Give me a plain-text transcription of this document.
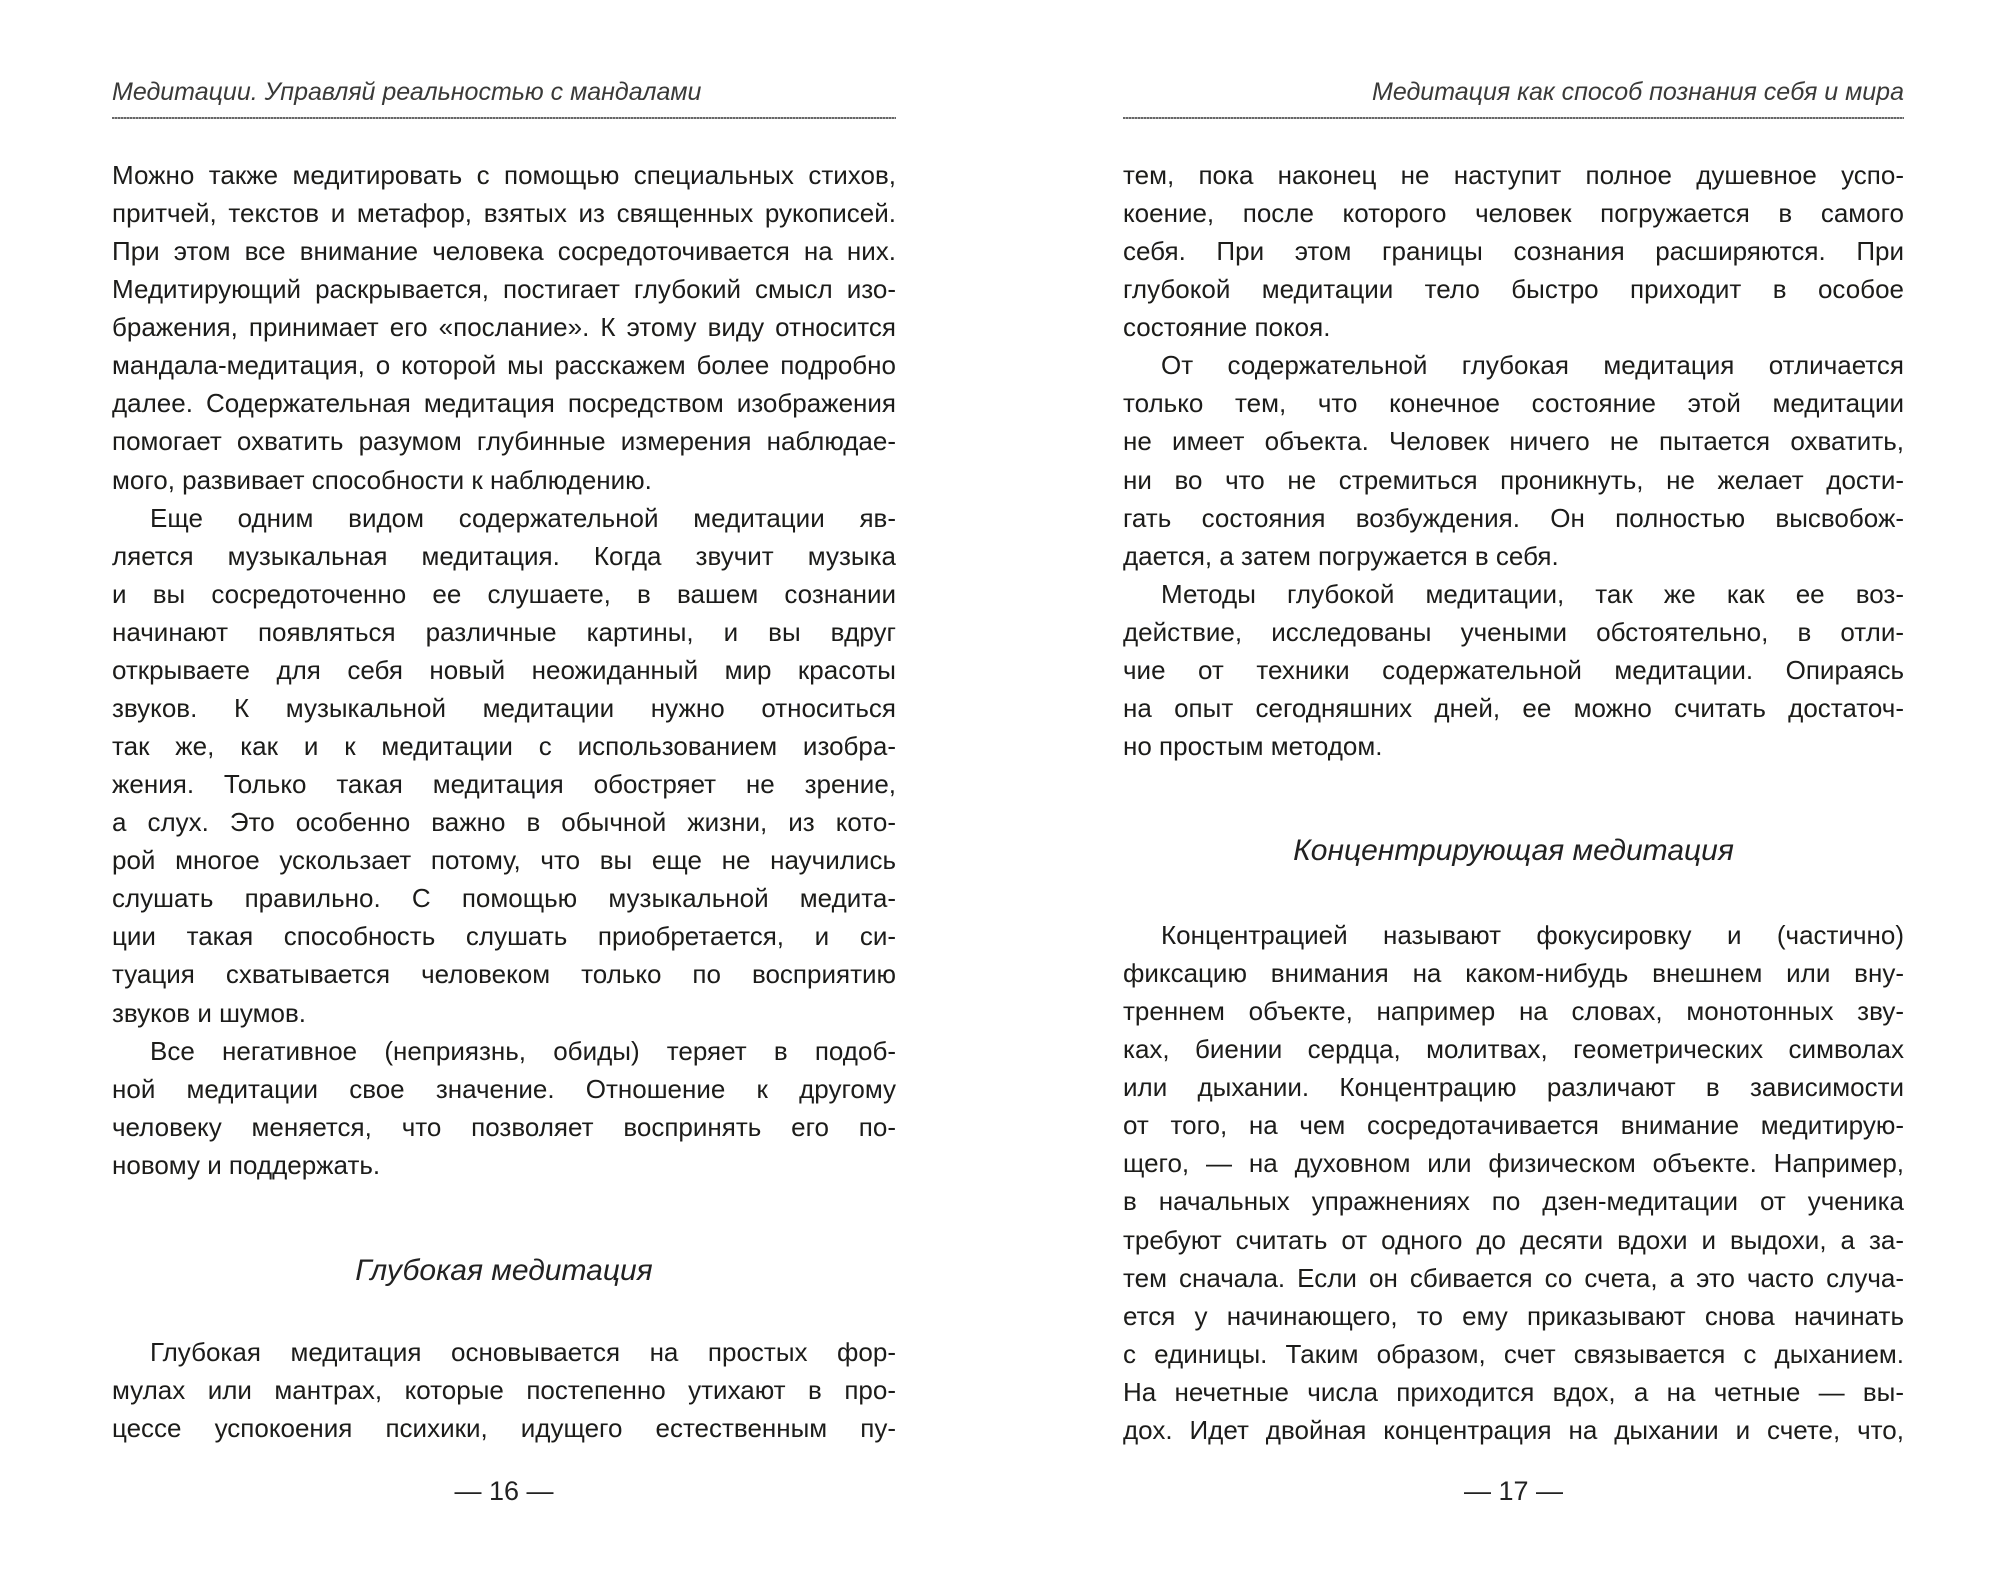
Медитации. Управляй реальностью с мандалами
— 16 —
Можно также медитировать с помощью специальных стихов,
притчей, текстов и метафор, взятых из священных рукописей.
При этом все внимание человека сосредоточивается на них.
Медитирующий раскрывается, постигает глубокий смысл изо-
бражения, принимает его «послание». К этому виду относится
мандала-медитация, о которой мы расскажем более подробно
далее. Содержательная медитация посредством изображения
помогает охватить разумом глубинные измерения наблюдае-
мого, развивает способности к наблюдению.
Еще одним видом содержательной медитации яв-
ляется музыкальная медитация. Когда звучит музыка
и вы сосредоточенно ее слушаете, в вашем сознании
начинают появляться различные картины, и вы вдруг
открываете для себя новый неожиданный мир красоты
звуков. К музыкальной медитации нужно относиться
так же, как и к медитации с использованием изобра-
жения. Только такая медитация обостряет не зрение,
а слух. Это особенно важно в обычной жизни, из кото-
рой многое ускользает потому, что вы еще не научились
слушать правильно. С помощью музыкальной медита-
ции такая способность слушать приобретается, и си-
туация схватывается человеком только по восприятию
звуков и шумов.
Все негативное (неприязнь, обиды) теряет в подоб-
ной медитации свое значение. Отношение к другому
человеку меняется, что позволяет воспринять его по-
новому и поддержать.
Глубокая медитация
Глубокая медитация основывается на простых фор-
мулах или мантрах, которые постепенно утихают в про-
цессе успокоения психики, идущего естественным пу-
Медитация как способ познания себя и мира
— 17 —
тем, пока наконец не наступит полное душевное успо-
коение, после которого человек погружается в самого
себя. При этом границы сознания расширяются. При
глубокой медитации тело быстро приходит в особое
состояние покоя.
От содержательной глубокая медитация отличается
только тем, что конечное состояние этой медитации
не имеет объекта. Человек ничего не пытается охватить,
ни во что не стремиться проникнуть, не желает дости-
гать состояния возбуждения. Он полностью высвобож-
дается, а затем погружается в себя.
Методы глубокой медитации, так же как ее воз-
действие, исследованы учеными обстоятельно, в отли-
чие от техники содержательной медитации. Опираясь
на опыт сегодняшних дней, ее можно считать достаточ-
но простым методом.
Концентрирующая медитация
Концентрацией называют фокусировку и (частично)
фиксацию внимания на каком-нибудь внешнем или вну-
треннем объекте, например на словах, монотонных зву-
ках, биении сердца, молитвах, геометрических символах
или дыхании. Концентрацию различают в зависимости
от того, на чем сосредотачивается внимание медитирую-
щего, — на духовном или физическом объекте. Например,
в начальных упражнениях по дзен-медитации от ученика
требуют считать от одного до десяти вдохи и выдохи, а за-
тем сначала. Если он сбивается со счета, а это часто случа-
ется у начинающего, то ему приказывают снова начинать
с единицы. Таким образом, счет связывается с дыханием.
На нечетные числа приходится вдох, а на четные — вы-
дох. Идет двойная концентрация на дыхании и счете, что,
